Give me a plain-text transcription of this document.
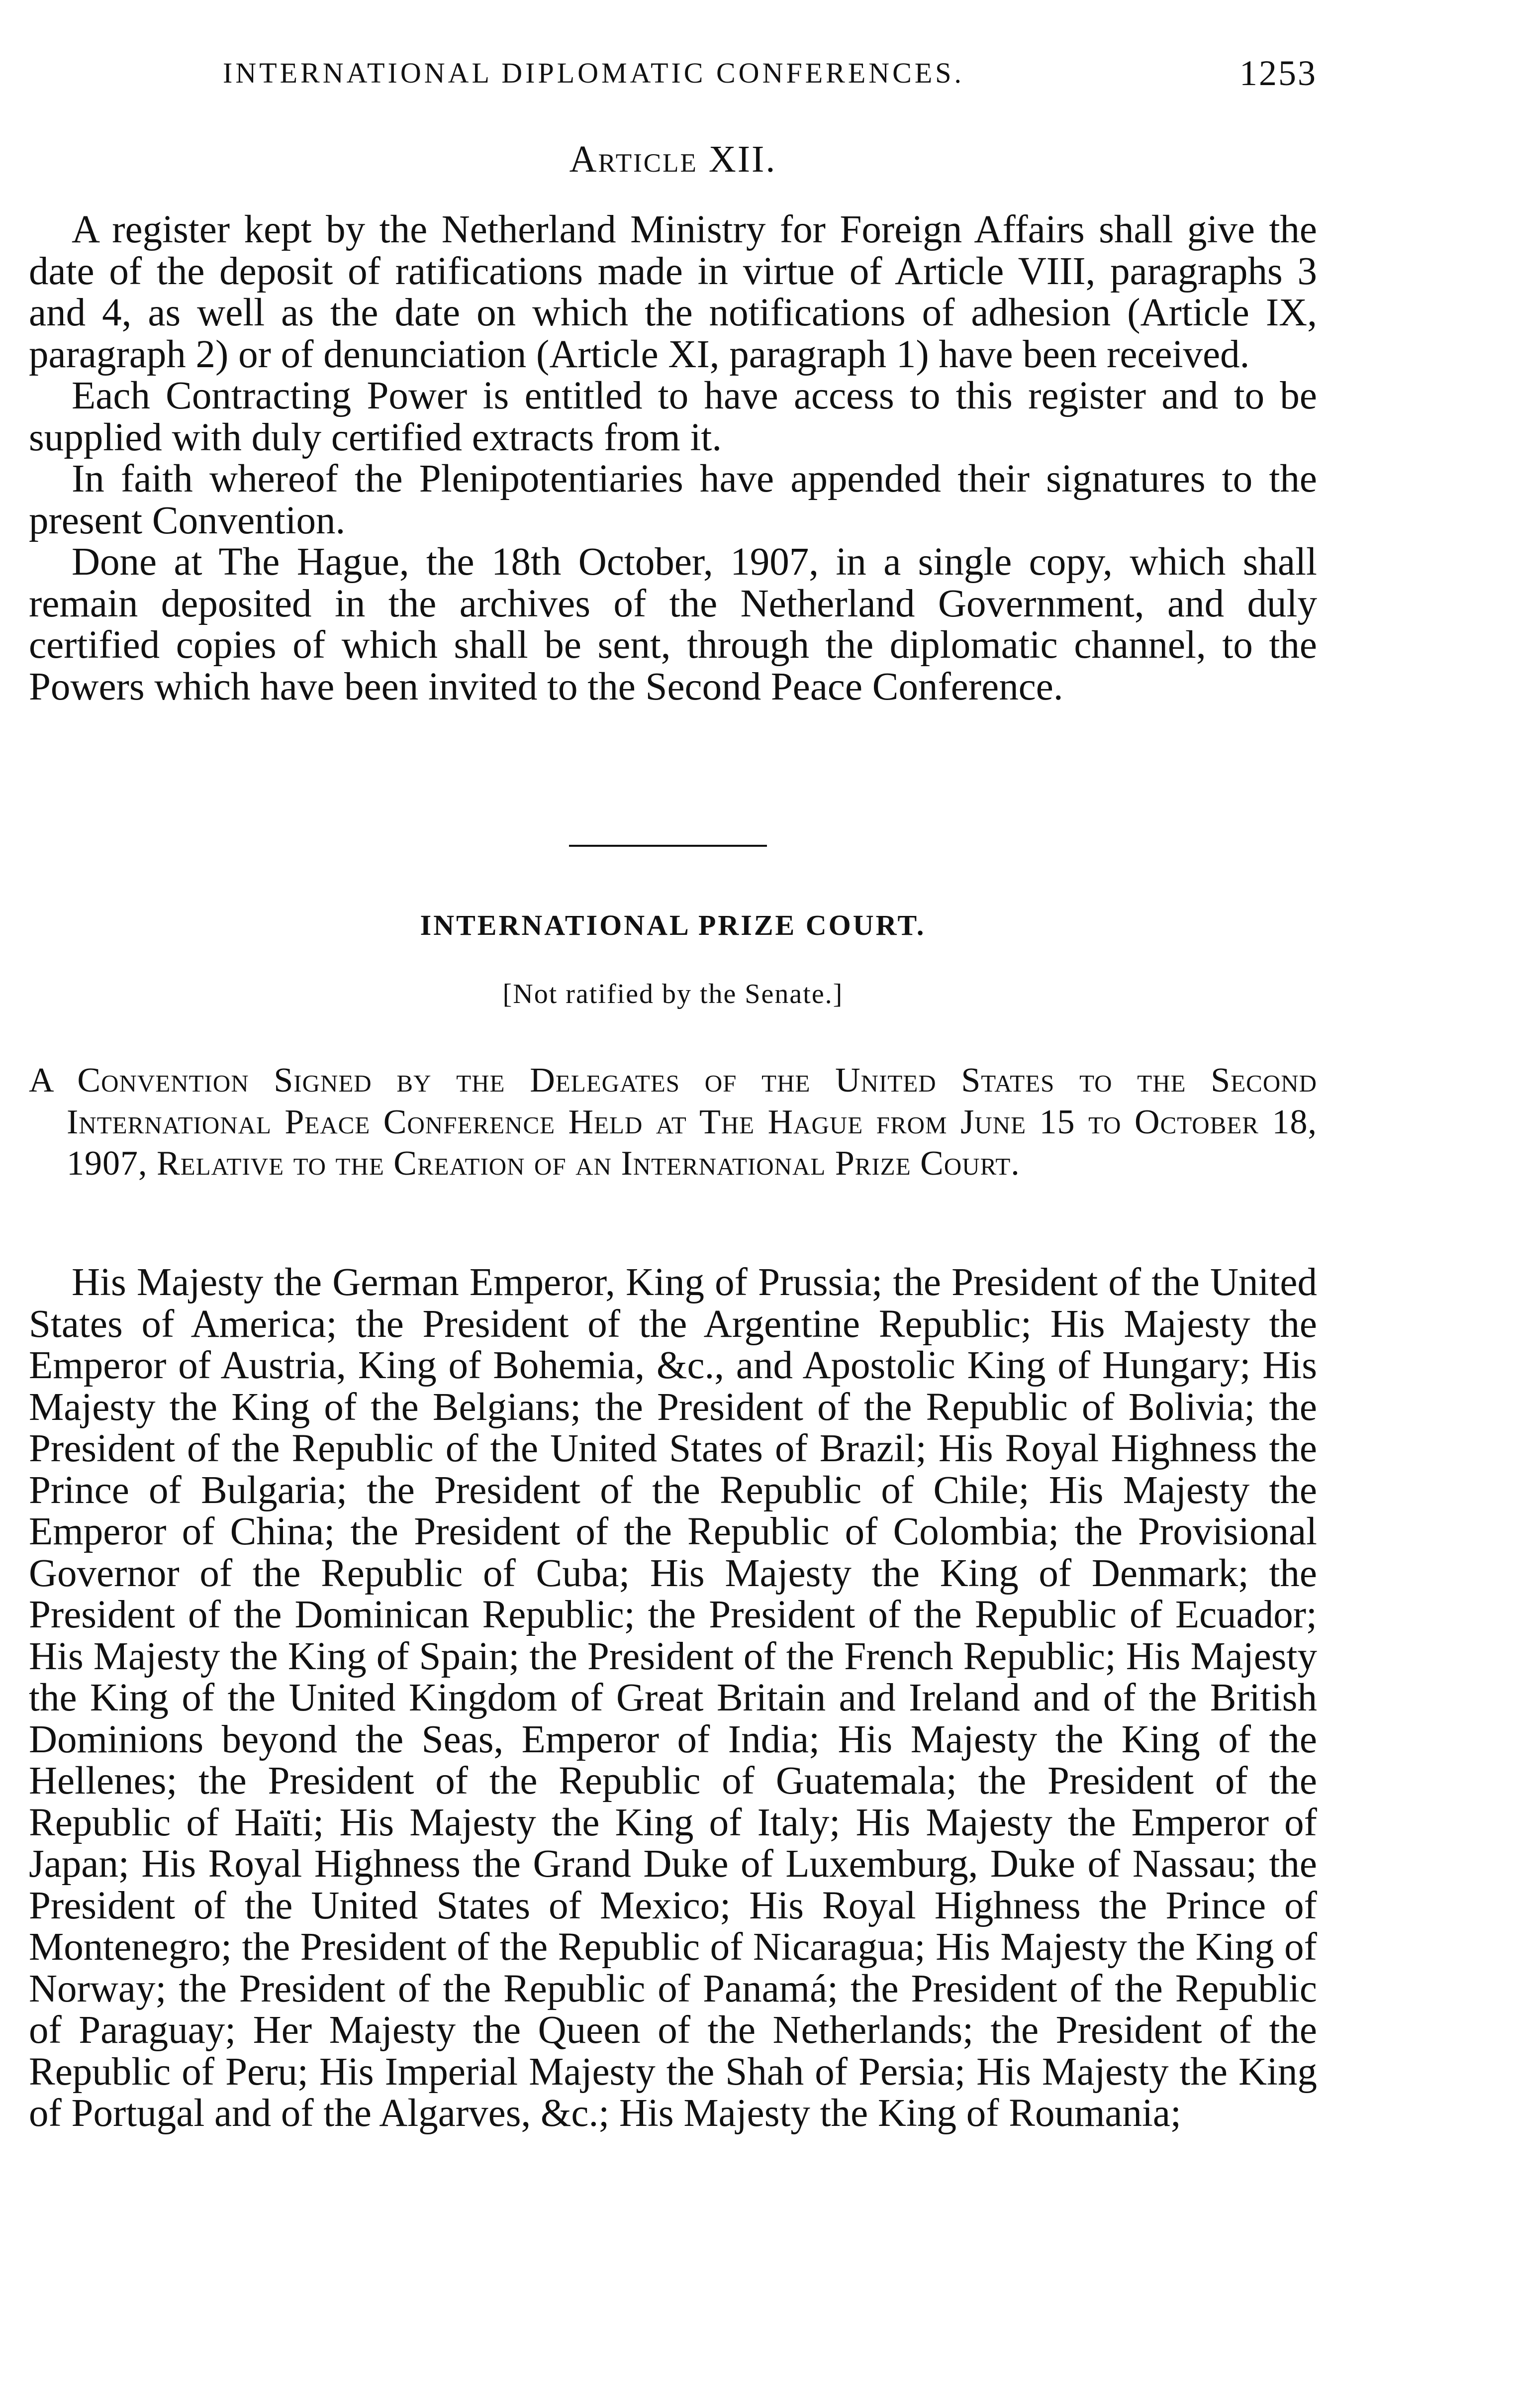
INTERNATIONAL DIPLOMATIC CONFERENCES.	1253
Article XII.

A register kept by the Netherland Ministry for Foreign Affairs shall give the date of the deposit of ratifications made in virtue of Article VIII, paragraphs 3 and 4, as well as the date on which the notifications of adhesion (Article IX, paragraph 2) or of denunciation (Article XI, paragraph 1) have been received.

Each Contracting Power is entitled to have access to this register and to be supplied with duly certified extracts from it.

In faith whereof the Plenipotentiaries have appended their signatures to the present Convention.

Done at The Hague, the 18th October, 1907, in a single copy, which shall remain deposited in the archives of the Netherland Government, and duly certified copies of which shall be sent, through the diplomatic channel, to the Powers which have been invited to the Second Peace Conference.

INTERNATIONAL PRIZE COURT.
[Not ratified by the Senate.]
A Convention Signed by the Delegates of the United States to the Second International Peace Conference Held at The Hague from June 15 to October 18, 1907, Relative to the Creation of an International Prize Court.

His Majesty the German Emperor, King of Prussia; the President of the United States of America; the President of the Argentine Republic; His Majesty the Emperor of Austria, King of Bohemia, &c., and Apostolic King of Hungary; His Majesty the King of the Belgians; the President of the Republic of Bolivia; the President of the Republic of the United States of Brazil; His Royal Highness the Prince of Bulgaria; the President of the Republic of Chile; His Majesty the Emperor of China; the President of the Republic of Colombia; the Provisional Governor of the Republic of Cuba; His Majesty the King of Denmark; the President of the Dominican Republic; the President of the Republic of Ecuador; His Majesty the King of Spain; the President of the French Republic; His Majesty the King of the United Kingdom of Great Britain and Ireland and of the British Dominions beyond the Seas, Emperor of India; His Majesty the King of the Hellenes; the President of the Republic of Guatemala; the President of the Republic of Haïti; His Majesty the King of Italy; His Majesty the Emperor of Japan; His Royal Highness the Grand Duke of Luxemburg, Duke of Nassau; the President of the United States of Mexico; His Royal Highness the Prince of Montenegro; the President of the Republic of Nicaragua; His Majesty the King of Norway; the President of the Republic of Panamá; the President of the Republic of Paraguay; Her Majesty the Queen of the Netherlands; the President of the Republic of Peru; His Imperial Majesty the Shah of Persia; His Majesty the King of Portugal and of the Algarves, &c.; His Majesty the King of Roumania;
